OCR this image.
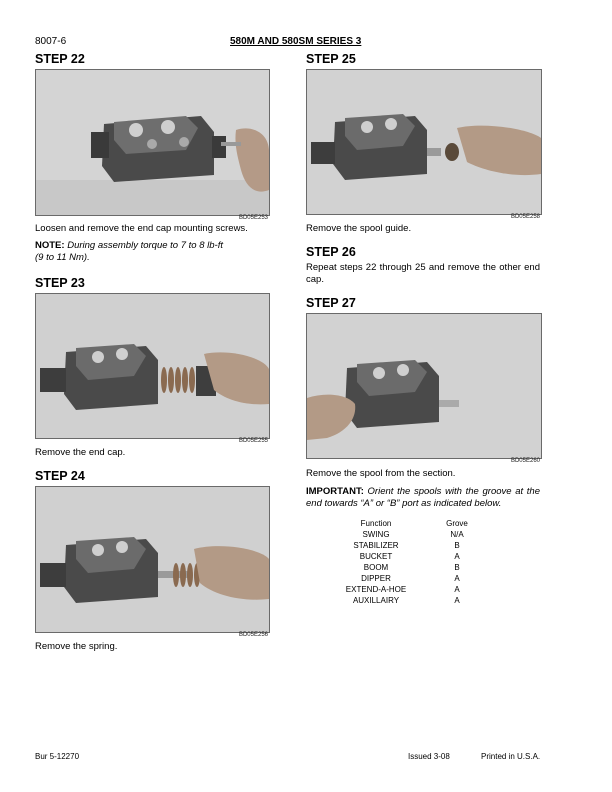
8007-6	580M AND 580SM SERIES 3
STEP 22
BD05E253
Loosen and remove the end cap mounting screws.
NOTE: During assembly torque to 7 to 8 lb-ft
(9 to 11 Nm).
STEP 23
BD05E255
Remove the end cap.
STEP 24
BD05E256
Remove the spring.
STEP 25
BD05E258
Remove the spool guide.
STEP 26
Repeat steps 22 through 25 and remove the other end cap.
STEP 27
BD05E260
Remove the spool from the section.
IMPORTANT: Orient the spools with the groove at the end towards “A” or “B” port as indicated below.
Function	Grove
SWING	N/A
STABILIZER	B
BUCKET	A
BOOM	B
DIPPER	A
EXTEND-A-HOE	A
AUXILLAIRY	A
Bur 5-12270	Issued 3-08	Printed in U.S.A.
